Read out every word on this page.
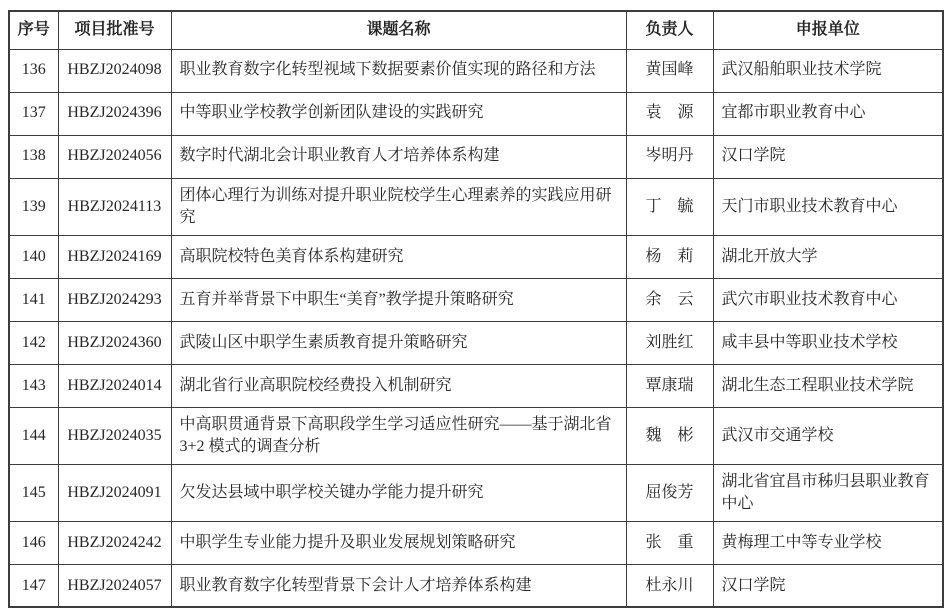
序号	项目批准号	课题名称	负责人	申报单位
136	HBZJ2024098	职业教育数字化转型视域下数据要素价值实现的路径和方法	黄国峰	武汉船舶职业技术学院
137	HBZJ2024396	中等职业学校教学创新团队建设的实践研究	袁　源	宜都市职业教育中心
138	HBZJ2024056	数字时代湖北会计职业教育人才培养体系构建	岑明丹	汉口学院
139	HBZJ2024113	团体心理行为训练对提升职业院校学生心理素养的实践应用研究	丁　毓	天门市职业技术教育中心
140	HBZJ2024169	高职院校特色美育体系构建研究	杨　莉	湖北开放大学
141	HBZJ2024293	五育并举背景下中职生“美育”教学提升策略研究	余　云	武穴市职业技术教育中心
142	HBZJ2024360	武陵山区中职学生素质教育提升策略研究	刘胜红	咸丰县中等职业技术学校
143	HBZJ2024014	湖北省行业高职院校经费投入机制研究	覃康瑞	湖北生态工程职业技术学院
144	HBZJ2024035	中高职贯通背景下高职段学生学习适应性研究——基于湖北省 3+2 模式的调查分析	魏　彬	武汉市交通学校
145	HBZJ2024091	欠发达县域中职学校关键办学能力提升研究	屈俊芳	湖北省宜昌市秭归县职业教育中心
146	HBZJ2024242	中职学生专业能力提升及职业发展规划策略研究	张　重	黄梅理工中等专业学校
147	HBZJ2024057	职业教育数字化转型背景下会计人才培养体系构建	杜永川	汉口学院
